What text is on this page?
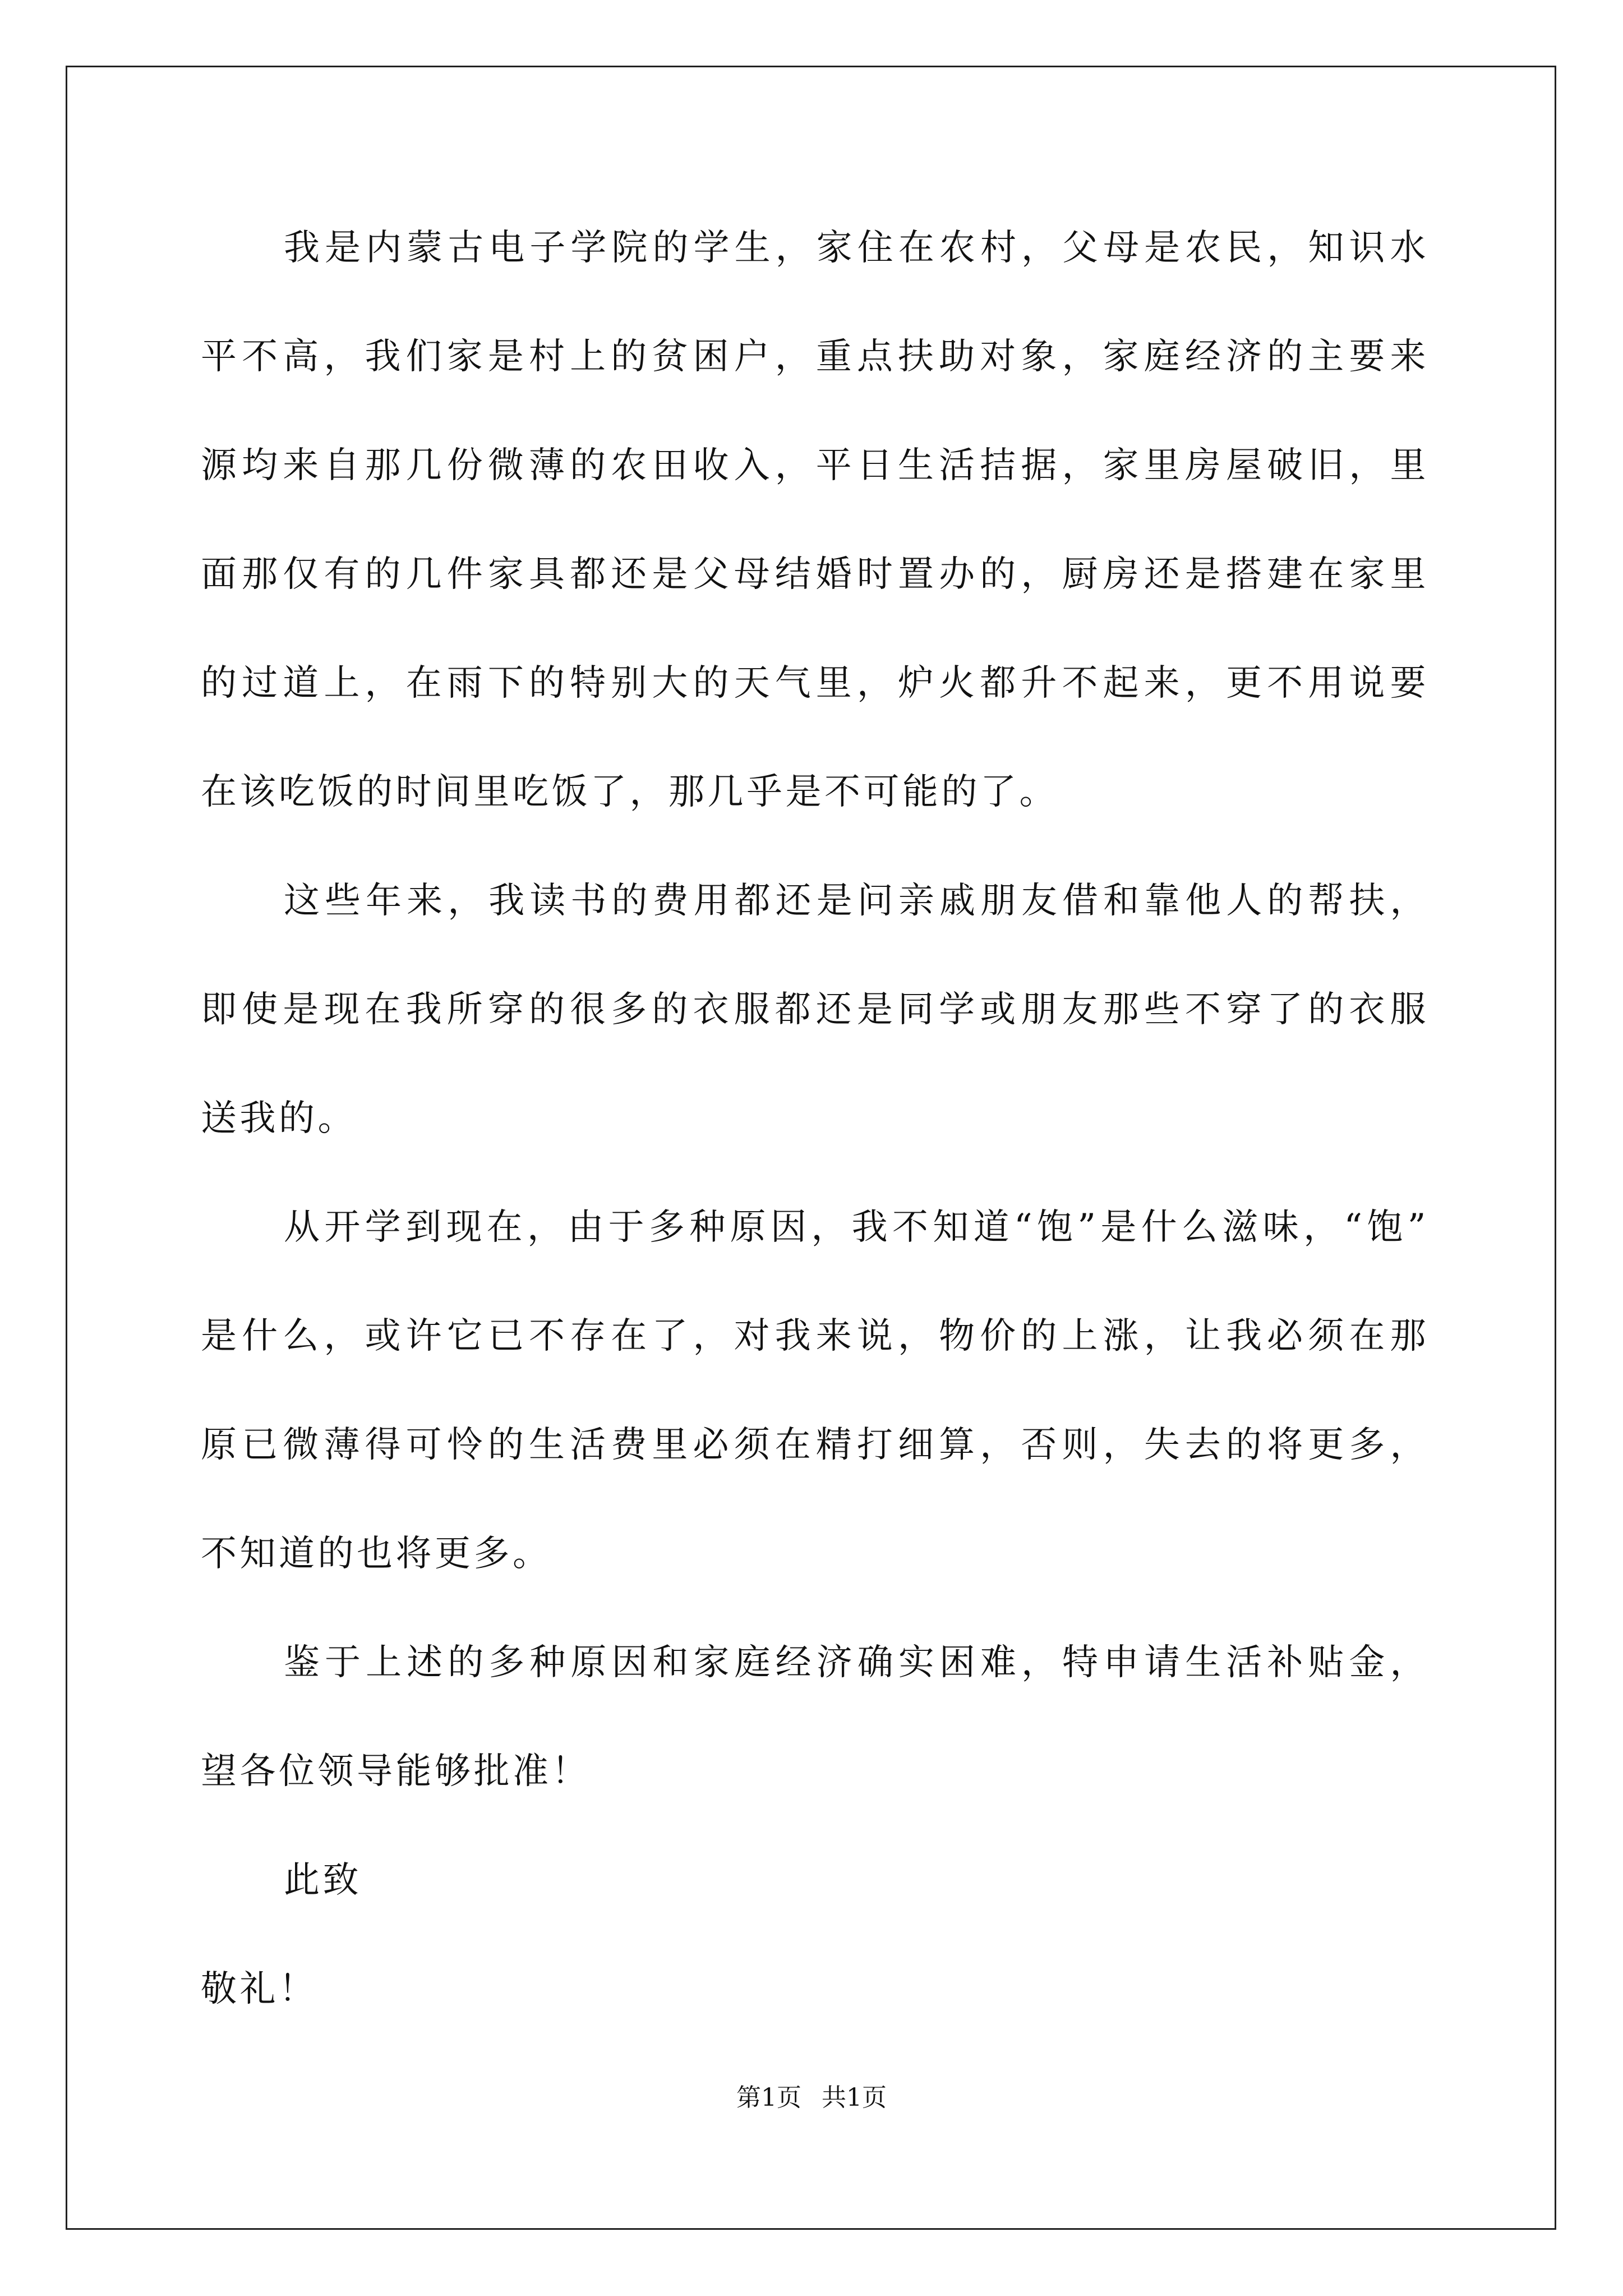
我是内蒙古电子学院的学生，家住在农村，父母是农民，知识水
平不高，我们家是村上的贫困户，重点扶助对象，家庭经济的主要来
源均来自那几份微薄的农田收入，平日生活拮据，家里房屋破旧，里
面那仅有的几件家具都还是父母结婚时置办的，厨房还是搭建在家里
的过道上，在雨下的特别大的天气里，炉火都升不起来，更不用说要
在该吃饭的时间里吃饭了，那几乎是不可能的了。
这些年来，我读书的费用都还是问亲戚朋友借和靠他人的帮扶，
即使是现在我所穿的很多的衣服都还是同学或朋友那些不穿了的衣服
送我的。
从开学到现在，由于多种原因，我不知道“饱”是什么滋味，“饱”
是什么，或许它已不存在了，对我来说，物价的上涨，让我必须在那
原已微薄得可怜的生活费里必须在精打细算，否则，失去的将更多，
不知道的也将更多。
鉴于上述的多种原因和家庭经济确实困难，特申请生活补贴金，
望各位领导能够批准！
此致
敬礼！
第1页 共1页
